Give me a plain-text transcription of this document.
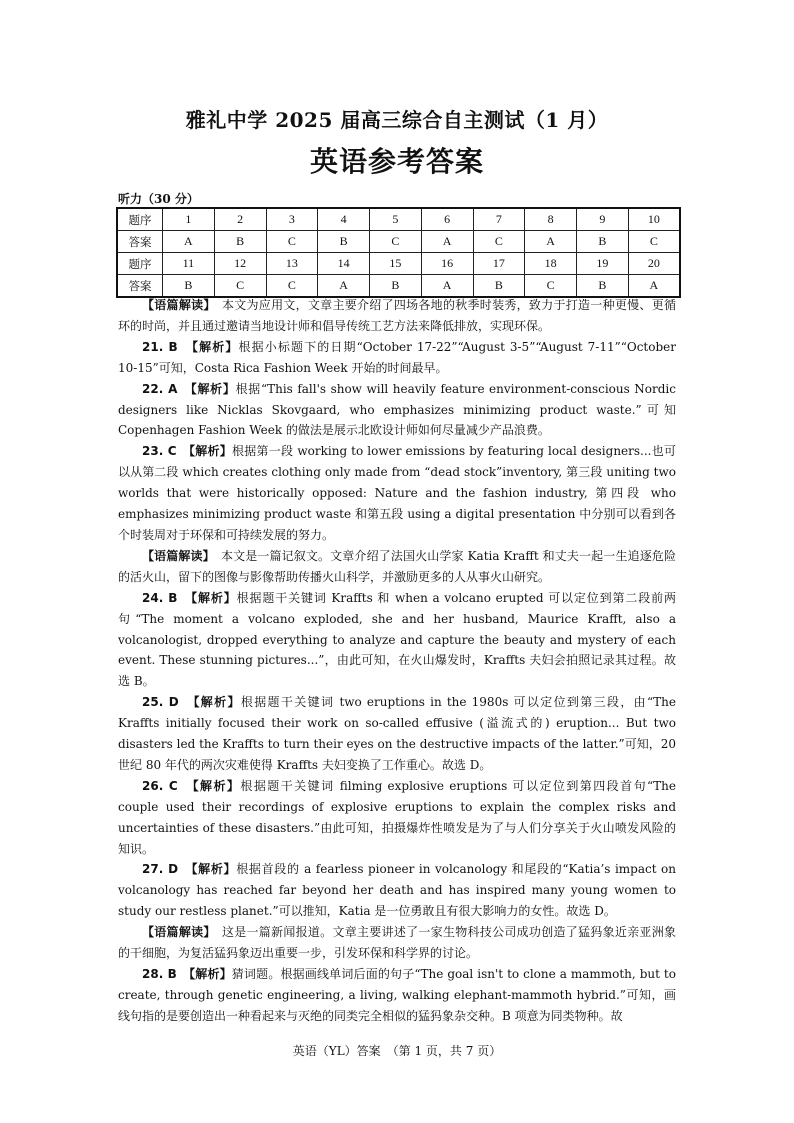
雅礼中学 2025 届高三综合自主测试（1 月）
英语参考答案
听力（30 分）
题序	1	2	3	4	5	6	7	8	9	10
答案	A	B	C	B	C	A	C	A	B	C
题序	11	12	13	14	15	16	17	18	19	20
答案	B	C	C	A	B	A	B	C	B	A

【语篇解读】　本文为应用文，文章主要介绍了四场各地的秋季时装秀，致力于打造一种更慢、更循环的时尚，并且通过邀请当地设计师和倡导传统工艺方法来降低排放，实现环保。

21. B　【解析】根据小标题下的日期“October 17-22”“August 3-5”“August 7-11”“October 10-15”可知，Costa Rica Fashion Week 开始的时间最早。

22. A　【解析】根据“This fall's show will heavily feature environment-conscious Nordic designers like Nicklas Skovgaard, who emphasizes minimizing product waste.”可知 Copenhagen Fashion Week 的做法是展示北欧设计师如何尽量减少产品浪费。

23. C　【解析】根据第一段 working to lower emissions by featuring local designers...也可以从第二段 which creates clothing only made from “dead stock”inventory, 第三段 uniting two worlds that were historically opposed: Nature and the fashion industry, 第四段 who emphasizes minimizing product waste 和第五段 using a digital presentation 中分别可以看到各个时装周对于环保和可持续发展的努力。

【语篇解读】　本文是一篇记叙文。文章介绍了法国火山学家 Katia Krafft 和丈夫一起一生追逐危险的活火山，留下的图像与影像帮助传播火山科学，并激励更多的人从事火山研究。

24. B　【解析】根据题干关键词 Kraffts 和 when a volcano erupted 可以定位到第二段前两句“The moment a volcano exploded, she and her husband, Maurice Krafft, also a volcanologist, dropped everything to analyze and capture the beauty and mystery of each event. These stunning pictures...”，由此可知，在火山爆发时，Kraffts 夫妇会拍照记录其过程。故选 B。

25. D　【解析】根据题干关键词 two eruptions in the 1980s 可以定位到第三段，由“The Kraffts initially focused their work on so-called effusive (溢流式的) eruption... But two disasters led the Kraffts to turn their eyes on the destructive impacts of the latter.”可知，20 世纪 80 年代的两次灾难使得 Kraffts 夫妇变换了工作重心。故选 D。

26. C　【解析】根据题干关键词 filming explosive eruptions 可以定位到第四段首句“The couple used their recordings of explosive eruptions to explain the complex risks and uncertainties of these disasters.”由此可知，拍摄爆炸性喷发是为了与人们分享关于火山喷发风险的知识。

27. D　【解析】根据首段的 a fearless pioneer in volcanology 和尾段的“Katia’s impact on volcanology has reached far beyond her death and has inspired many young women to study our restless planet.”可以推知，Katia 是一位勇敢且有很大影响力的女性。故选 D。

【语篇解读】　这是一篇新闻报道。文章主要讲述了一家生物科技公司成功创造了猛犸象近亲亚洲象的干细胞，为复活猛犸象迈出重要一步，引发环保和科学界的讨论。

28. B　【解析】猜词题。根据画线单词后面的句子“The goal isn't to clone a mammoth, but to create, through genetic engineering, a living, walking elephant-mammoth hybrid.”可知，画线句指的是要创造出一种看起来与灭绝的同类完全相似的猛犸象杂交种。B 项意为同类物种。故

英语（YL）答案　（第 1 页，共 7 页）
